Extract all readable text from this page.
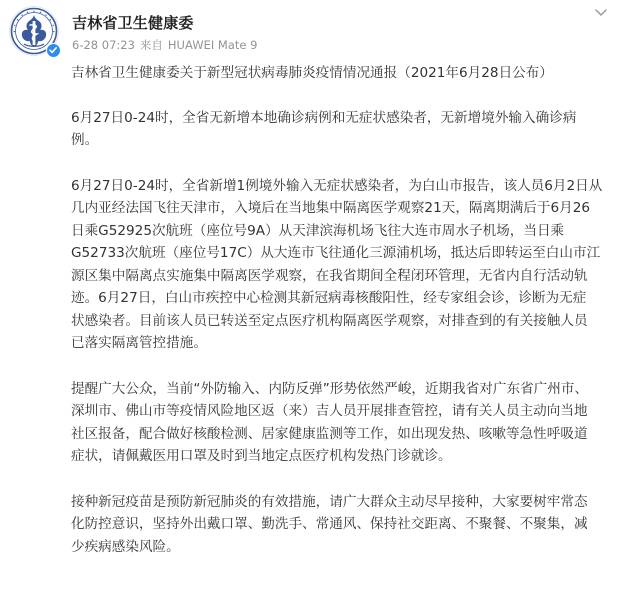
吉林省卫生健康委
6-28 07:23 来自 HUAWEI Mate 9

吉林省卫生健康委关于新型冠状病毒肺炎疫情情况通报（2021年6月28日公布）

6月27日0-24时，全省无新增本地确诊病例和无症状感染者，无新增境外输入确诊病
例。

6月27日0-24时，全省新增1例境外输入无症状感染者，为白山市报告，该人员6月2日从
几内亚经法国飞往天津市，入境后在当地集中隔离医学观察21天，隔离期满后于6月26
日乘G52925次航班（座位号9A）从天津滨海机场飞往大连市周水子机场，当日乘
G52733次航班（座位号17C）从大连市飞往通化三源浦机场，抵达后即转运至白山市江
源区集中隔离点实施集中隔离医学观察，在我省期间全程闭环管理，无省内自行活动轨
迹。6月27日，白山市疾控中心检测其新冠病毒核酸阳性，经专家组会诊，诊断为无症
状感染者。目前该人员已转送至定点医疗机构隔离医学观察，对排查到的有关接触人员
已落实隔离管控措施。

提醒广大公众，当前“外防输入、内防反弹”形势依然严峻，近期我省对广东省广州市、
深圳市、佛山市等疫情风险地区返（来）吉人员开展排查管控，请有关人员主动向当地
社区报备，配合做好核酸检测、居家健康监测等工作，如出现发热、咳嗽等急性呼吸道
症状，请佩戴医用口罩及时到当地定点医疗机构发热门诊就诊。

接种新冠疫苗是预防新冠肺炎的有效措施，请广大群众主动尽早接种，大家要树牢常态
化防控意识，坚持外出戴口罩、勤洗手、常通风、保持社交距离、不聚餐、不聚集，减
少疾病感染风险。
